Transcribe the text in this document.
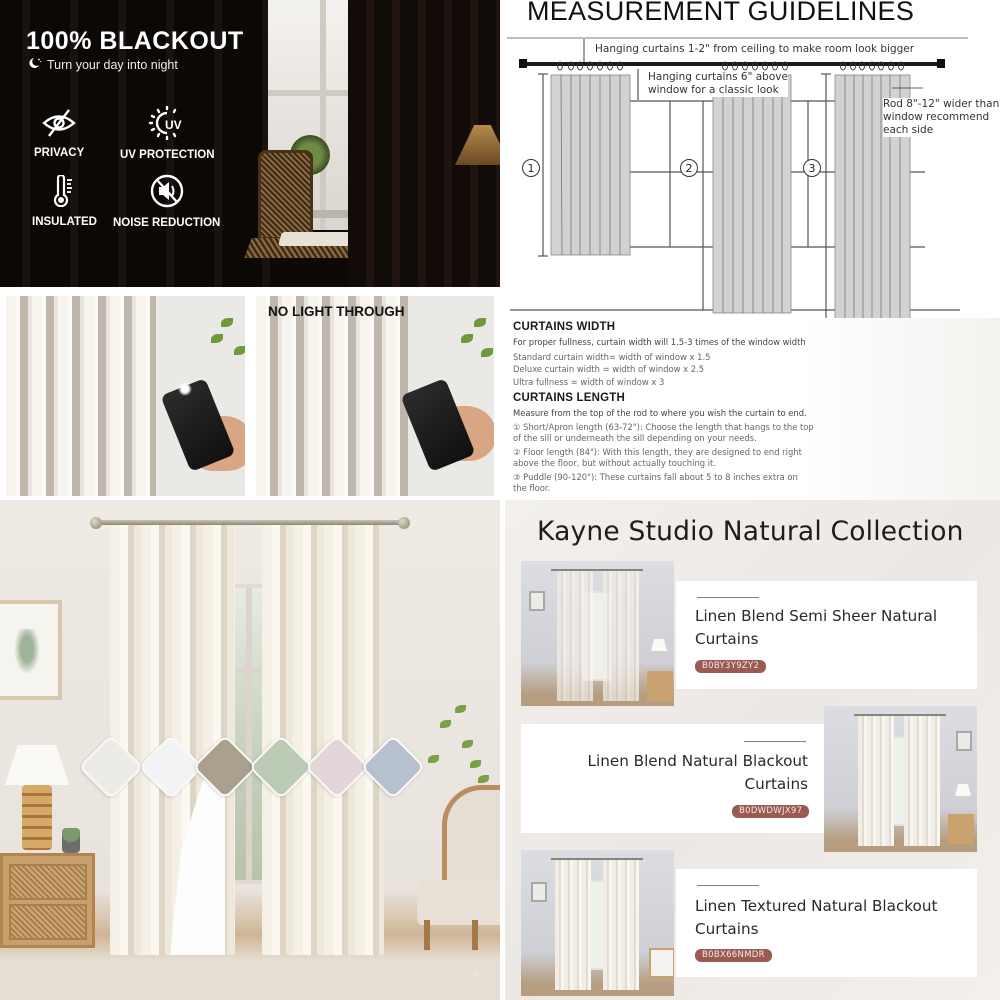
100% BLACKOUT
Turn your day into night
PRIVACY
UV
UV PROTECTION
INSULATED NOISE REDUCTION
MEASUREMENT GUIDELINES
1	2	3
Hanging curtains 1-2" from ceiling to make room look bigger
Hanging curtains 6" above
window for a classic look
Rod 8"-12" wider than
window recommend
each side
NO LIGHT THROUGH
CURTAINS WIDTH
For proper fullness, curtain width will 1.5-3 times of the window width
Standard curtain width= width of window x 1.5
Deluxe curtain width = width of window x 2.5
Ultra fullness = width of window x 3
CURTAINS LENGTH
Measure from the top of the rod to where you wish the curtain to end.
① Short/Apron length (63-72"): Choose the length that hangs to the top
of the sill or underneath the sill depending on your needs.
② Floor length (84"): With this length, they are designed to end right
above the floor, but without actually touching it.
③ Puddle (90-120"): These curtains fall about 5 to 8 inches extra on
the floor.
✦
Kayne Studio Natural Collection
Linen Blend Semi Sheer Natural
Curtains
B0BY3Y9ZY2
Linen Blend Natural Blackout
Curtains
B0DWDWJX97
Linen Textured Natural Blackout
Curtains
B0BX66NMDR
